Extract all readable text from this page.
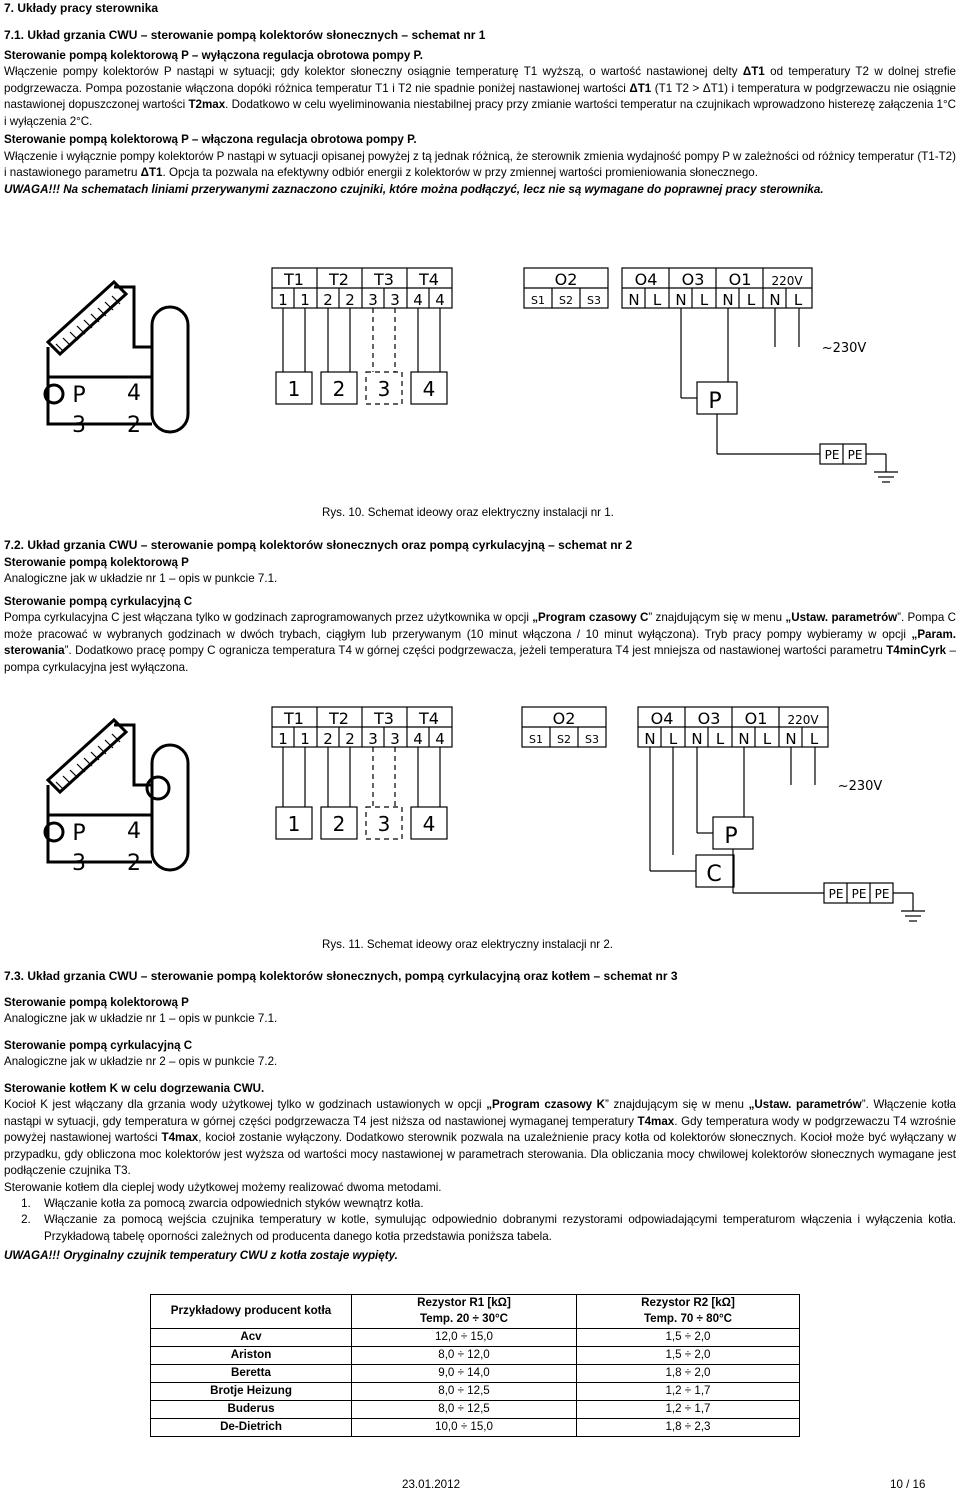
7. Układy pracy sterownika
7.1. Układ grzania CWU – sterowanie pompą kolektorów słonecznych – schemat nr 1

Sterowanie pompą kolektorową P – wyłączona regulacja obrotowa pompy P.

Włączenie pompy kolektorów P nastąpi w sytuacji; gdy kolektor słoneczny osiągnie temperaturę T1 wyższą, o wartość nastawionej delty ΔT1 od temperatury T2 w dolnej strefie podgrzewacza. Pompa pozostanie włączona dopóki różnica temperatur T1 i T2 nie spadnie poniżej nastawionej wartości ΔT1 (T1 T2 > ΔT1) i temperatura w podgrzewaczu nie osiągnie nastawionej dopuszczonej wartości T2max. Dodatkowo w celu wyeliminowania niestabilnej pracy przy zmianie wartości temperatur na czujnikach wprowadzono histerezę załączenia 1°C i wyłączenia 2°C.

Sterowanie pompą kolektorową P – włączona regulacja obrotowa pompy P.

Włączenie i wyłącznie pompy kolektorów P nastąpi w sytuacji opisanej powyżej z tą jednak różnicą, że sterownik zmienia wydajność pompy P w zależności od różnicy temperatur (T1-T2) i nastawionego parametru ΔT1. Opcja ta pozwala na efektywny odbiór energii z kolektorów w przy zmiennej wartości promieniowania słonecznego.

UWAGA!!! Na schematach liniami przerywanymi zaznaczono czujniki, które można podłączyć, lecz nie są wymagane do poprawnej pracy sterownika.

P
3
4
2
T1
1 1
T2
2 2
T3
3 3
T4
4 4
1 2 3 4
O2
S1 S2 S3
O4
N L
O3
N L
O1
N L
220V
N L
~230V
P
PE PE
Rys. 10. Schemat ideowy oraz elektryczny instalacji nr 1.
7.2. Układ grzania CWU – sterowanie pompą kolektorów słonecznych oraz pompą cyrkulacyjną – schemat nr 2

Sterowanie pompą kolektorową P

Analogiczne jak w układzie nr 1 – opis w punkcie 7.1.

Sterowanie pompą cyrkulacyjną C

Pompa cyrkulacyjna C jest włączana tylko w godzinach zaprogramowanych przez użytkownika w opcji „Program czasowy C” znajdującym się w menu „Ustaw. parametrów”. Pompa C może pracować w wybranych godzinach w dwóch trybach, ciągłym lub przerywanym (10 minut włączona / 10 minut wyłączona). Tryb pracy pompy wybieramy w opcji „Param. sterowania”. Dodatkowo pracę pompy C ogranicza temperatura T4 w górnej części podgrzewacza, jeżeli temperatura T4 jest mniejsza od nastawionej wartości parametru T4minCyrk – pompa cyrkulacyjna jest wyłączona.

P
3
4
2
T1
1 1
T2
2 2
T3
3 3
T4
4 4
1 2 3 4
O2
S1 S2 S3
O4
N L
O3
N L
O1
N L
220V
N L
~230V
P
C
PE PE PE
Rys. 11. Schemat ideowy oraz elektryczny instalacji nr 2.
7.3. Układ grzania CWU – sterowanie pompą kolektorów słonecznych, pompą cyrkulacyjną oraz kotłem – schemat nr 3

Sterowanie pompą kolektorową P

Analogiczne jak w układzie nr 1 – opis w punkcie 7.1.

Sterowanie pompą cyrkulacyjną C

Analogiczne jak w układzie nr 2 – opis w punkcie 7.2.

Sterowanie kotłem K w celu dogrzewania CWU.

Kocioł K jest włączany dla grzania wody użytkowej tylko w godzinach ustawionych w opcji „Program czasowy K” znajdującym się w menu „Ustaw. parametrów”. Włączenie kotła nastąpi w sytuacji, gdy temperatura w górnej części podgrzewacza T4 jest niższa od nastawionej wymaganej temperatury T4max. Gdy temperatura wody w podgrzewaczu T4 wzrośnie powyżej nastawionej wartości T4max, kocioł zostanie wyłączony. Dodatkowo sterownik pozwala na uzależnienie pracy kotła od kolektorów słonecznych. Kocioł może być wyłączany w przypadku, gdy obliczona moc kolektorów jest wyższa od wartości mocy nastawionej w parametrach sterowania. Dla obliczania mocy chwilowej kolektorów słonecznych wymagane jest podłączenie czujnika T3.

Sterowanie kotłem dla cieplej wody użytkowej możemy realizować dwoma metodami.

1. Włączanie kotła za pomocą zwarcia odpowiednich styków wewnątrz kotła.
2. Włączanie za pomocą wejścia czujnika temperatury w kotle, symulując odpowiednio dobranymi rezystorami odpowiadającymi temperaturom włączenia i wyłączenia kotła. Przykładową tabelę oporności zależnych od producenta danego kotła przedstawia poniższa tabela.

UWAGA!!! Oryginalny czujnik temperatury CWU z kotła zostaje wypięty.

Przykładowy producent kotła	Rezystor R1 [kΩ]	Rezystor R2 [kΩ]
	Temp. 20 ÷ 30°C	Temp. 70 ÷ 80°C
Acv	12,0 ÷ 15,0	1,5 ÷ 2,0
Ariston	8,0 ÷ 12,0	1,5 ÷ 2,0
Beretta	9,0 ÷ 14,0	1,8 ÷ 2,0
Brotje Heizung	8,0 ÷ 12,5	1,2 ÷ 1,7
Buderus	8,0 ÷ 12,5	1,2 ÷ 1,7
De-Dietrich	10,0 ÷ 15,0	1,8 ÷ 2,3
23.01.2012	10 / 16
